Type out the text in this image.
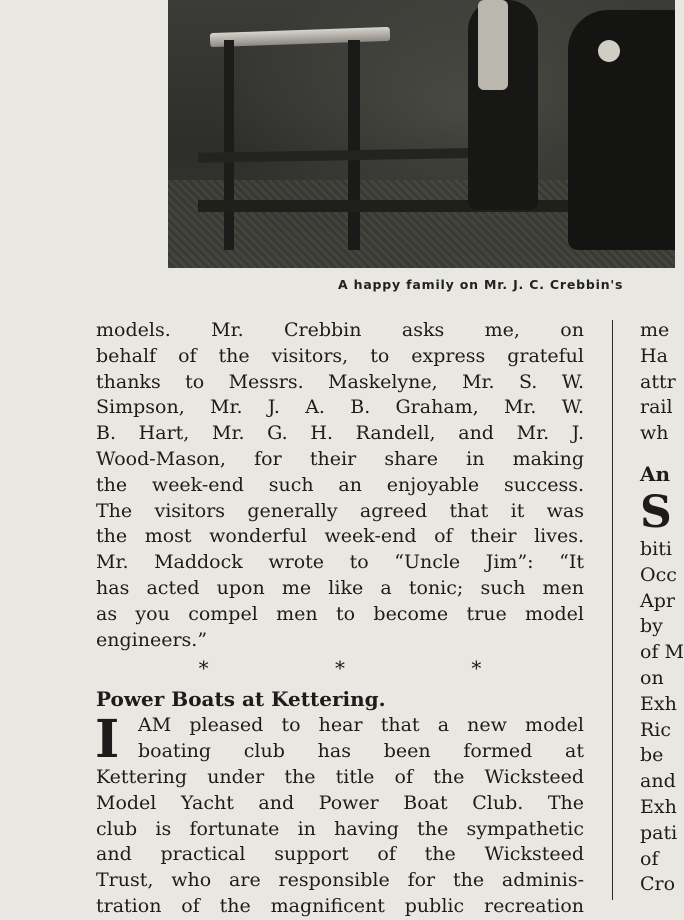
A happy family on Mr. J. C. Crebbin's

models. Mr. Crebbin asks me, on
behalf of the visitors, to express grateful
thanks to Messrs. Maskelyne, Mr. S. W.
Simpson, Mr. J. A. B. Graham, Mr. W.
B. Hart, Mr. G. H. Randell, and Mr. J.
Wood-Mason, for their share in making
the week-end such an enjoyable success.
The visitors generally agreed that it was
the most wonderful week-end of their lives.
Mr. Maddock wrote to “Uncle Jim”: “It
has acted upon me like a tonic; such men
as you compel men to become true model
engineers.”
* * *
Power Boats at Kettering.
I AM pleased to hear that a new model
boating club has been formed at
Kettering under the title of the Wicksteed
Model Yacht and Power Boat Club. The
club is fortunate in having the sympathetic
and practical support of the Wicksteed
Trust, who are responsible for the adminis-
tration of the magnificent public recreation
me
Ha
attr
rail
wh
An
S
biti
Occ
Apr
by
of M
on
Exh
Ric
be
and
Exh
pati
of
Cro
